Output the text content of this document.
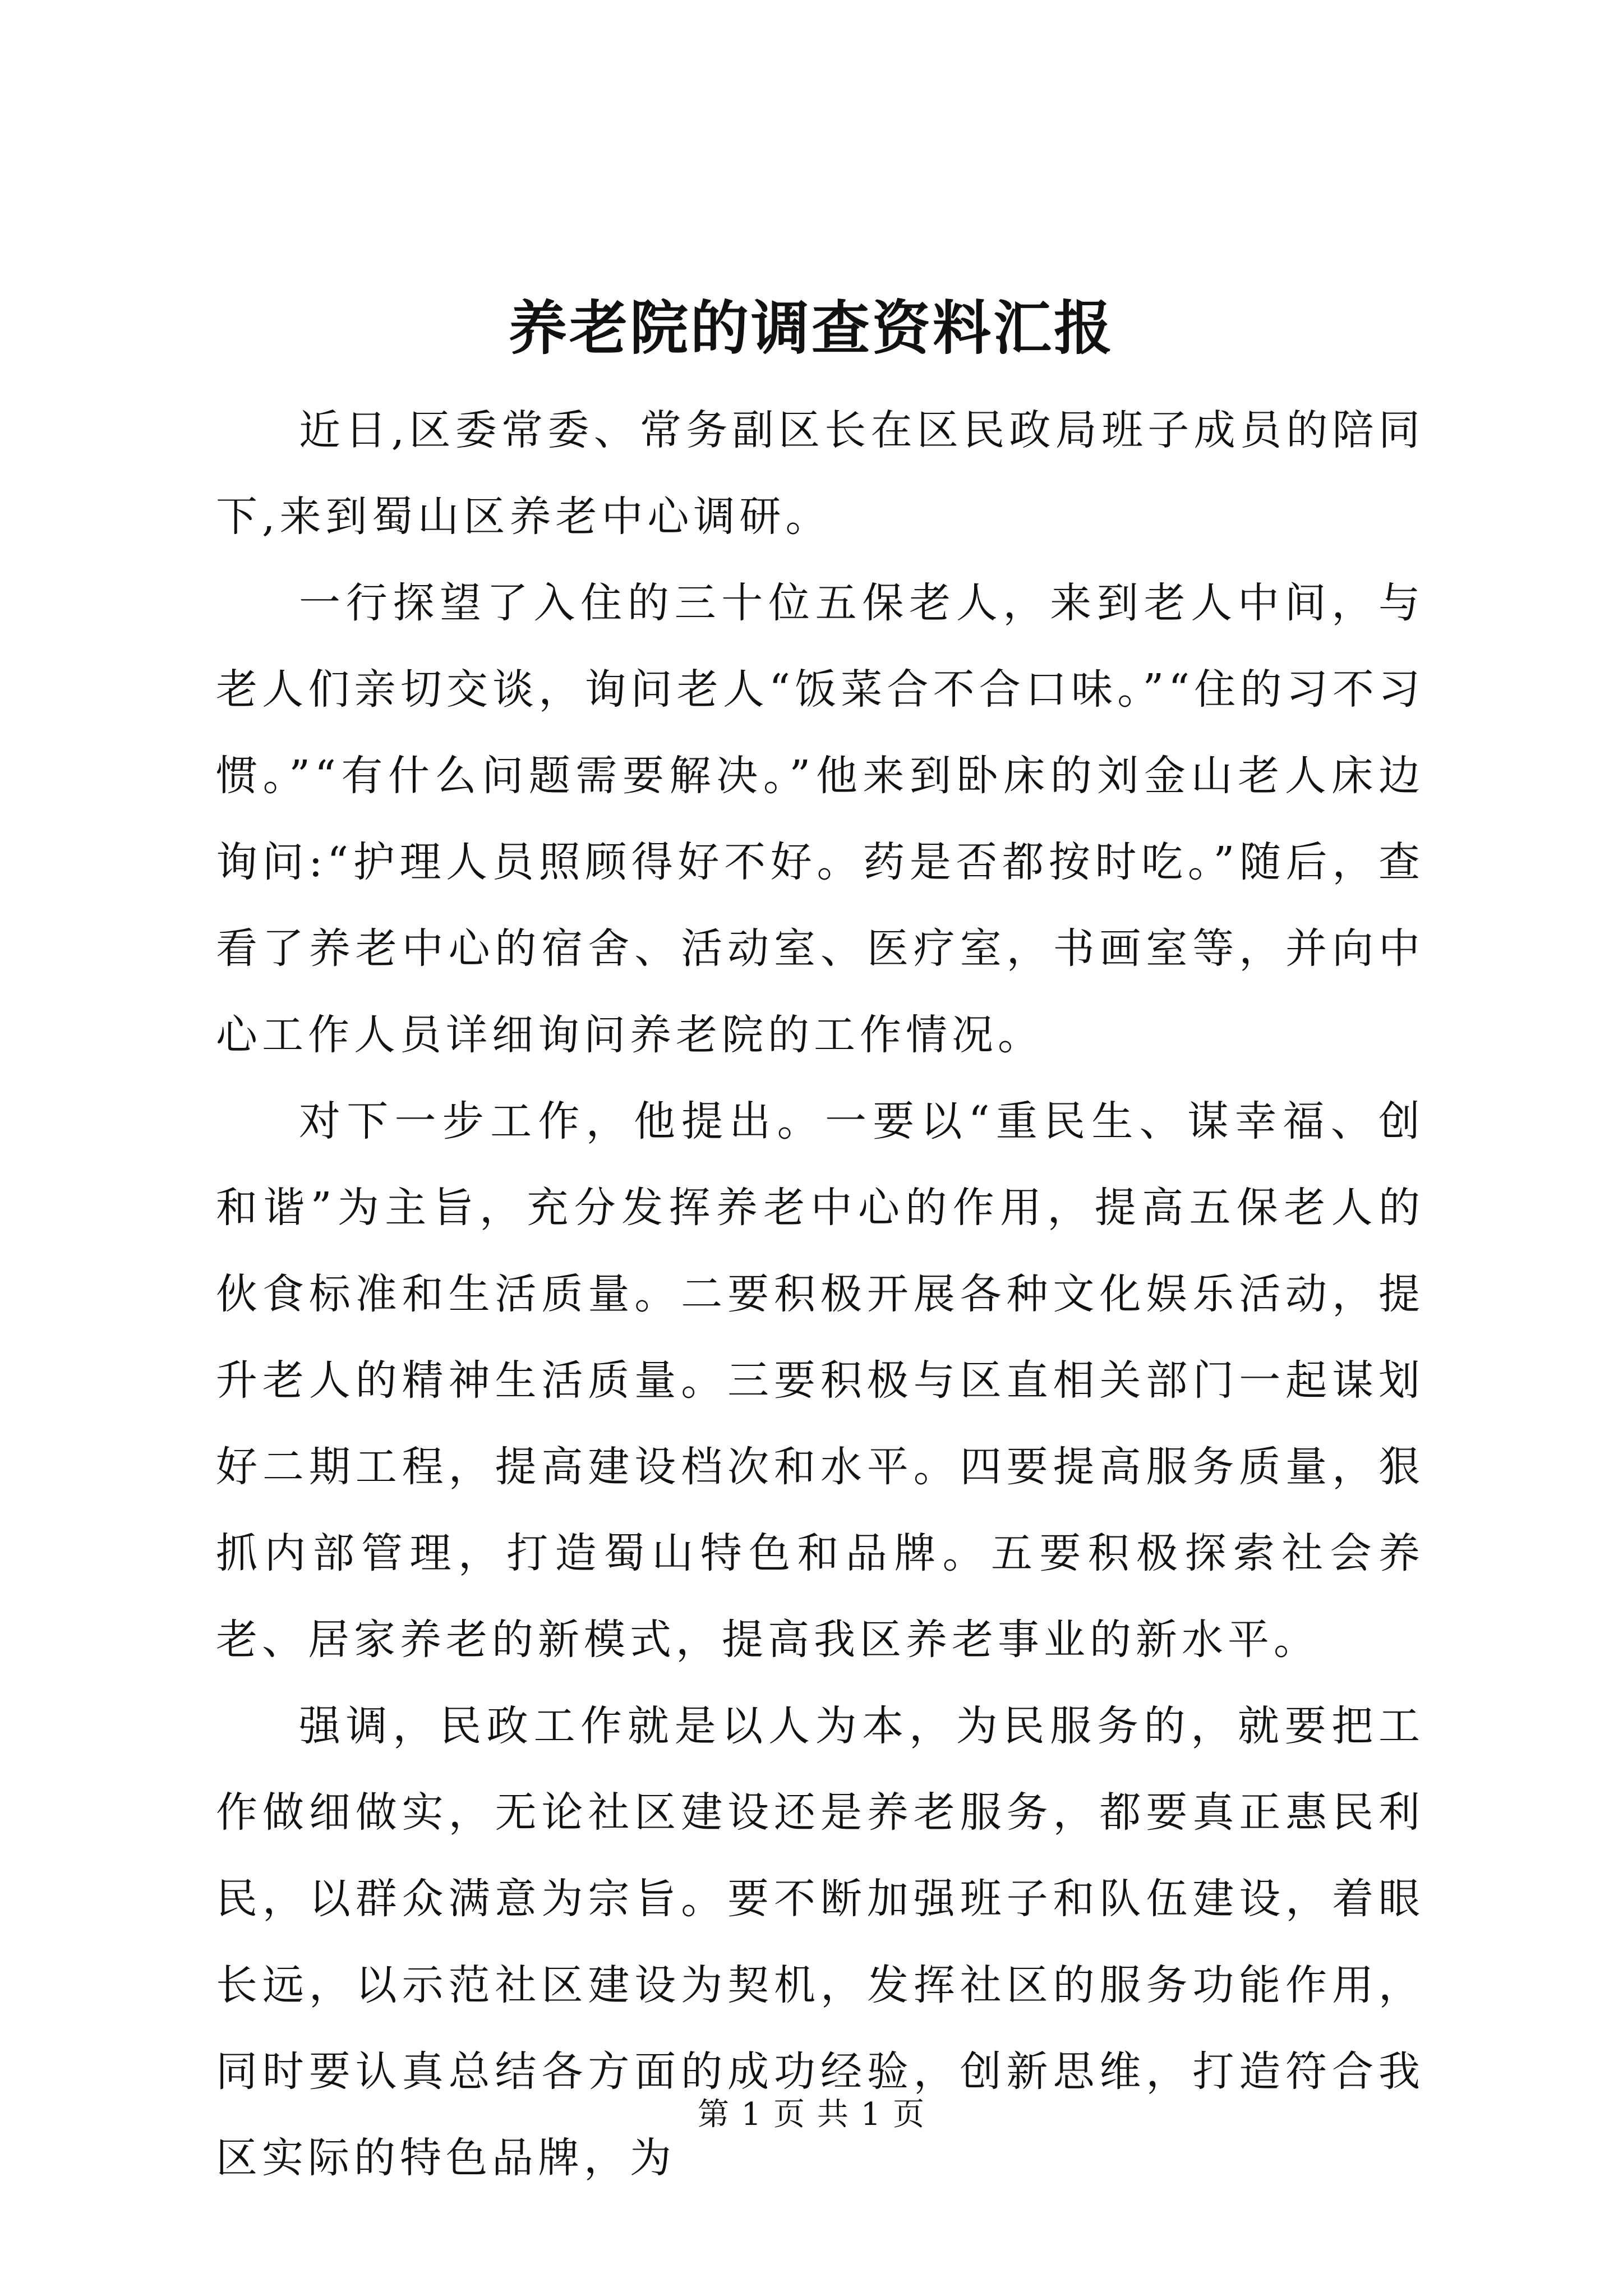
养老院的调查资料汇报

近日,区委常委、常务副区长在区民政局班子成员的陪同下,来到蜀山区养老中心调研。

一行探望了入住的三十位五保老人，来到老人中间，与老人们亲切交谈，询问老人“饭菜合不合口味。”“住的习不习惯。”“有什么问题需要解决。”他来到卧床的刘金山老人床边询问:“护理人员照顾得好不好。药是否都按时吃。”随后，查看了养老中心的宿舍、活动室、医疗室，书画室等，并向中心工作人员详细询问养老院的工作情况。

对下一步工作，他提出。一要以“重民生、谋幸福、创和谐”为主旨，充分发挥养老中心的作用，提高五保老人的伙食标准和生活质量。二要积极开展各种文化娱乐活动，提升老人的精神生活质量。三要积极与区直相关部门一起谋划好二期工程，提高建设档次和水平。四要提高服务质量，狠抓内部管理，打造蜀山特色和品牌。五要积极探索社会养老、居家养老的新模式，提高我区养老事业的新水平。

强调，民政工作就是以人为本，为民服务的，就要把工作做细做实，无论社区建设还是养老服务，都要真正惠民利民，以群众满意为宗旨。要不断加强班子和队伍建设，着眼长远，以示范社区建设为契机，发挥社区的服务功能作用，同时要认真总结各方面的成功经验，创新思维，打造符合我区实际的特色品牌，为

第 1 页 共 1 页
